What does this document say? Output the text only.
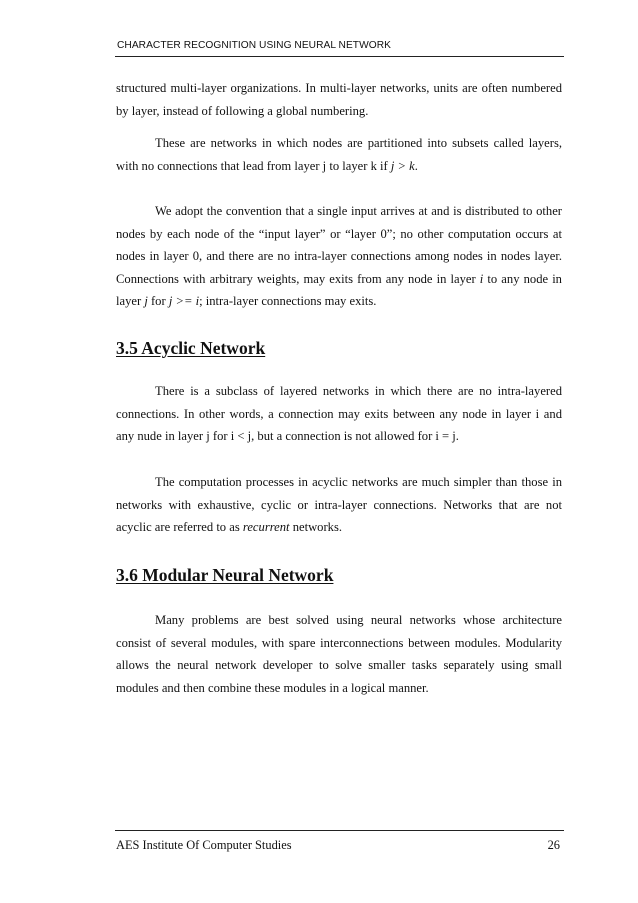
CHARACTER RECOGNITION USING NEURAL NETWORK

structured multi-layer organizations. In multi-layer networks, units are often numbered by layer, instead of following a global numbering.

These are networks in which nodes are partitioned into subsets called layers, with no connections that lead from layer j to layer k if j > k.

We adopt the convention that a single input arrives at and is distributed to other nodes by each node of the “input layer” or “layer 0”; no other computation occurs at nodes in layer 0, and there are no intra-layer connections among nodes in nodes layer. Connections with arbitrary weights, may exits from any node in layer i to any node in layer j for j >= i; intra-layer connections may exits.

3.5 Acyclic Network

There is a subclass of layered networks in which there are no intra-layered connections. In other words, a connection may exits between any node in layer i and any nude in layer j for i < j, but a connection is not allowed for i = j.

The computation processes in acyclic networks are much simpler than those in networks with exhaustive, cyclic or intra-layer connections. Networks that are not acyclic are referred to as recurrent networks.

3.6 Modular Neural Network

Many problems are best solved using neural networks whose architecture consist of several modules, with spare interconnections between modules. Modularity allows the neural network developer to solve smaller tasks separately using small modules and then combine these modules in a logical manner.

AES Institute Of Computer Studies	26
